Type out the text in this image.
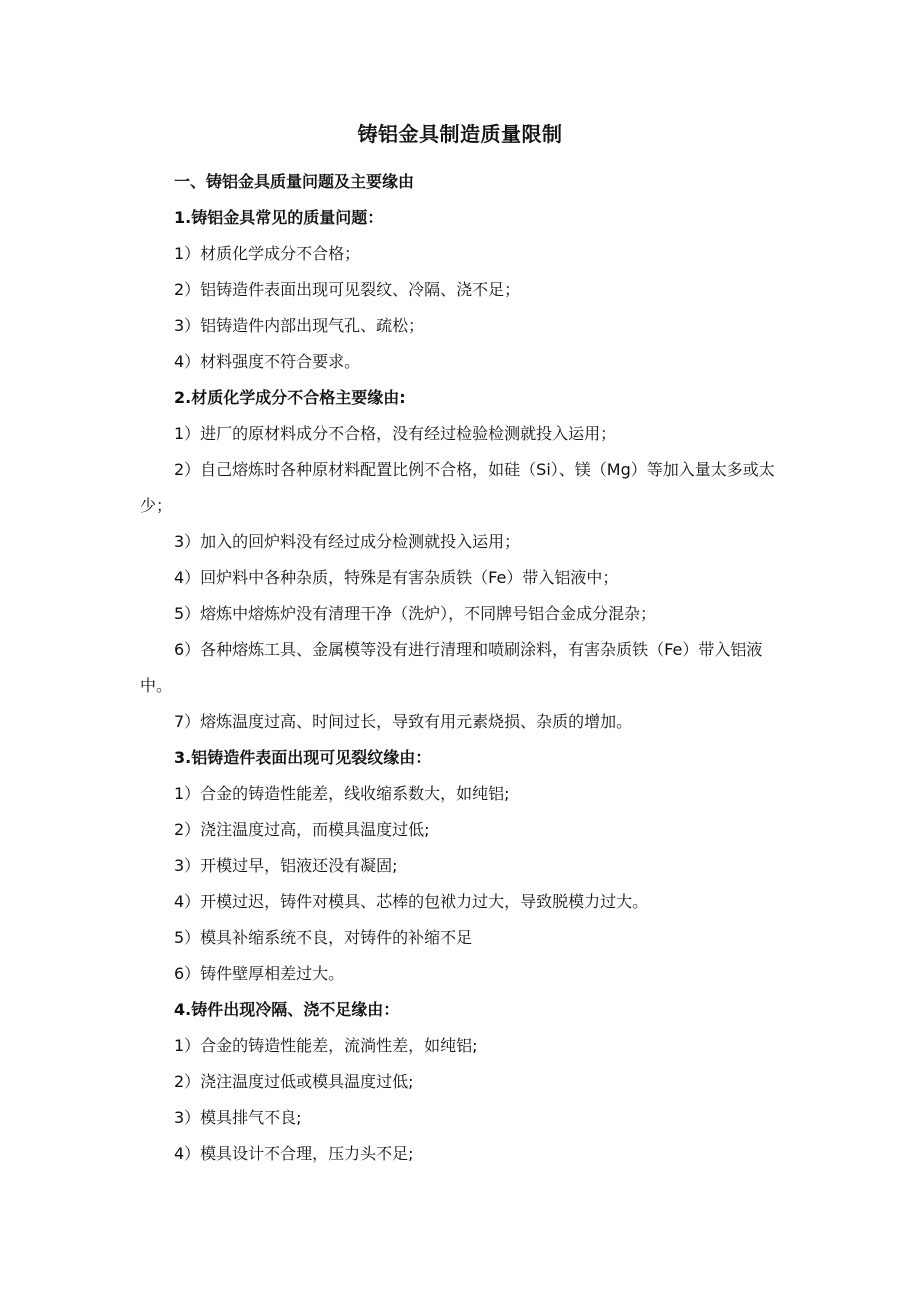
铸铝金具制造质量限制
一、铸铝金具质量问题及主要缘由
1.铸铝金具常见的质量问题：
1）材质化学成分不合格；
2）铝铸造件表面出现可见裂纹、冷隔、浇不足；
3）铝铸造件内部出现气孔、疏松；
4）材料强度不符合要求。
2.材质化学成分不合格主要缘由:
1）进厂的原材料成分不合格，没有经过检验检测就投入运用；
2）自己熔炼时各种原材料配置比例不合格，如硅（Si）、镁（Mg）等加入量太多或太少；
3）加入的回炉料没有经过成分检测就投入运用；
4）回炉料中各种杂质，特殊是有害杂质铁（Fe）带入铝液中；
5）熔炼中熔炼炉没有清理干净（洗炉），不同牌号铝合金成分混杂；
6）各种熔炼工具、金属模等没有进行清理和喷刷涂料，有害杂质铁（Fe）带入铝液中。
7）熔炼温度过高、时间过长，导致有用元素烧损、杂质的增加。
3.铝铸造件表面出现可见裂纹缘由：
1）合金的铸造性能差，线收缩系数大，如纯铝;
2）浇注温度过高，而模具温度过低;
3）开模过早，铝液还没有凝固;
4）开模过迟，铸件对模具、芯棒的包袱力过大，导致脱模力过大。
5）模具补缩系统不良，对铸件的补缩不足
6）铸件壁厚相差过大。
4.铸件出现冷隔、浇不足缘由：
1）合金的铸造性能差，流淌性差，如纯铝;
2）浇注温度过低或模具温度过低;
3）模具排气不良;
4）模具设计不合理，压力头不足;
